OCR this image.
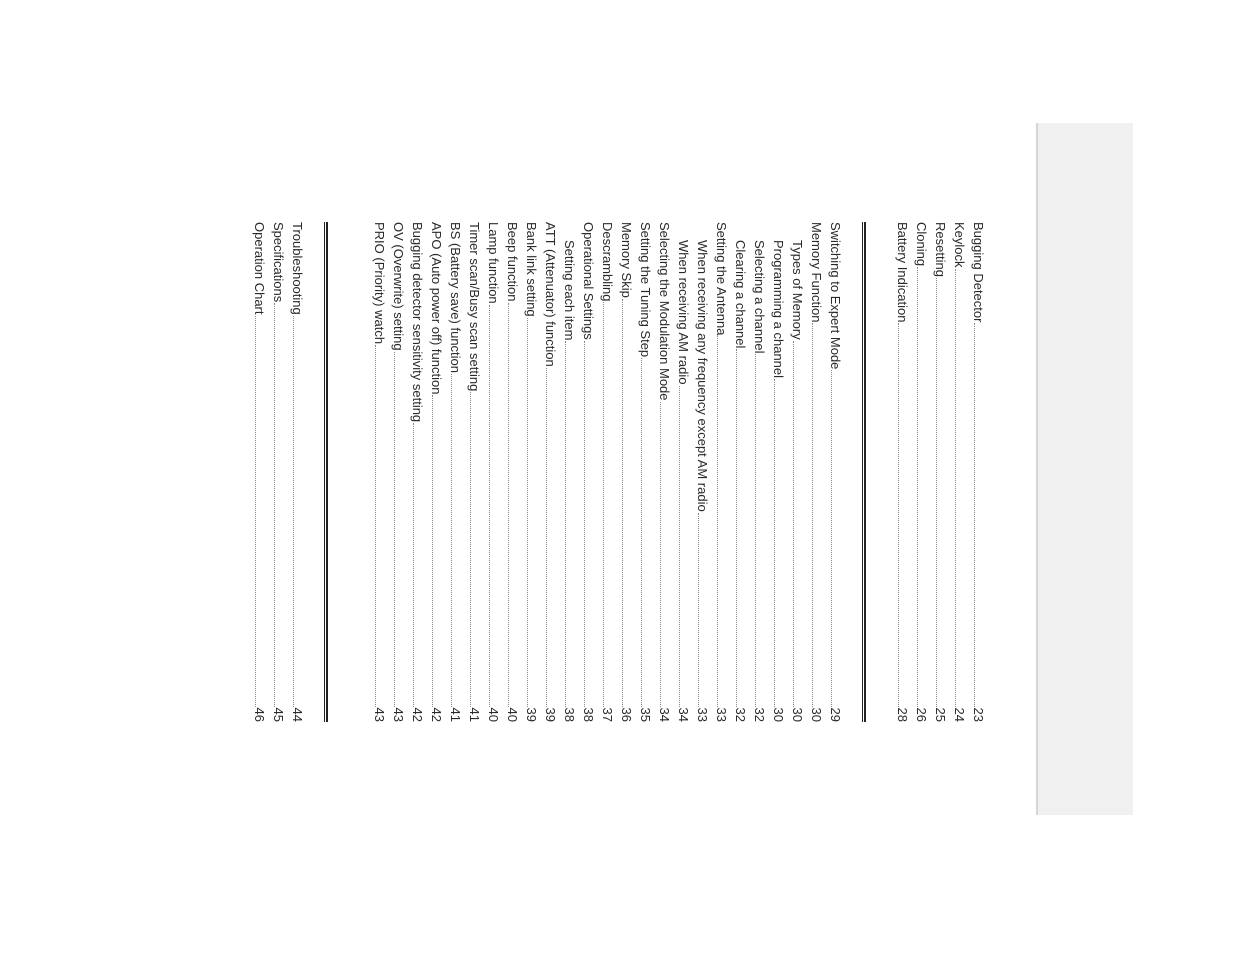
Bugging Detector
23
Keylock
24
Resetting
25
Cloning
26
Battery Indication
28
Switching to Expert Mode
29
Memory Function
30
Types of Memory
30
Programming a channel
30
Selecting a channel
32
Clearing a channel
32
Setting the Antenna
33
When receiving any frequency except AM radio
33
When receiving AM radio
34
Selecting the Modulation Mode
34
Setting the Tuning Step
35
Memory Skip
36
Descrambling
37
Operational Settings
38
Setting each item
38
ATT (Attenuator) function
39
Bank link setting
39
Beep function
40
Lamp function
40
Timer scan/Busy scan setting
41
BS (Battery save) function
41
APO (Auto power off) function
42
Bugging detector sensitivity setting
42
OV (Overwrite) setting
43
PRIO (Priority) watch
43
Troubleshooting
44
Specifications
45
Operation Chart
46
